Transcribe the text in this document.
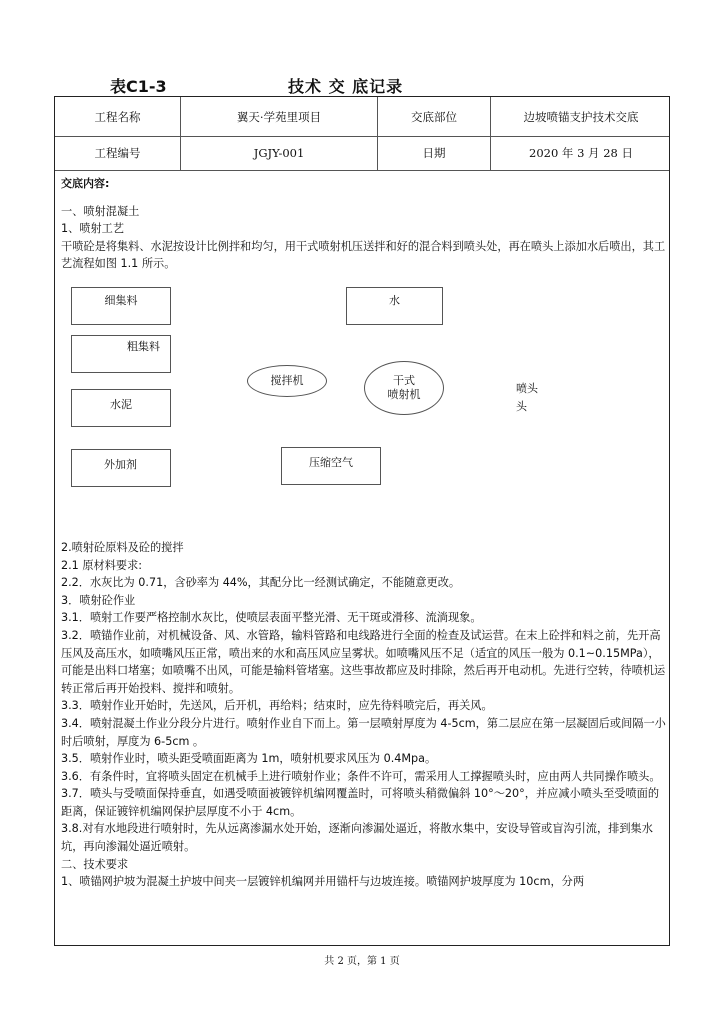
表C1-3	技术 交 底记录
工程名称	翼天·学苑里项目	交底部位	边坡喷锚支护技术交底
工程编号	JGJY-001	日期	2020 年 3 月 28 日

交底内容:

一、喷射混凝土

1、喷射工艺

干喷砼是将集料、水泥按设计比例拌和均匀，用干式喷射机压送拌和好的混合料到喷头处，再在喷头上添加水后喷出，其工艺流程如图 1.1 所示。

细集料
粗集料
水泥
外加剂
水
搅拌机	干式
喷射机
压缩空气
喷头
头

2.喷射砼原料及砼的搅拌

2.1 原材料要求:

2.2．水灰比为 0.71，含砂率为 44%，其配分比一经测试确定，不能随意更改。

3．喷射砼作业

3.1．喷射工作要严格控制水灰比，使喷层表面平整光滑、无干斑或滑移、流淌现象。

3.2．喷锚作业前，对机械设备、风、水管路，输料管路和电线路进行全面的检查及试运营。在末上砼拌和料之前，先开高压风及高压水，如喷嘴风压正常，喷出来的水和高压风应呈雾状。如喷嘴风压不足（适宜的风压一般为 0.1~0.15MPa），可能是出料口堵塞；如喷嘴不出风，可能是输料管堵塞。这些事故都应及时排除，然后再开电动机。先进行空转，待喷机运转正常后再开始投料、搅拌和喷射。

3.3．喷射作业开始时，先送风，后开机，再给料；结束时，应先待料喷完后，再关风。

3.4．喷射混凝土作业分段分片进行。喷射作业自下而上。第一层喷射厚度为 4-5cm，第二层应在第一层凝固后或间隔一小时后喷射，厚度为 6-5cm 。

3.5．喷射作业时，喷头距受喷面距离为 1m，喷射机要求风压为 0.4Mpa。

3.6．有条件时，宜将喷头固定在机械手上进行喷射作业；条件不许可，需采用人工撑握喷头时，应由两人共同操作喷头。

3.7．喷头与受喷面保持垂直，如遇受喷面被镀锌机编网覆盖时，可将喷头稍微偏斜 10°～20°，并应减小喷头至受喷面的距离，保证镀锌机编网保护层厚度不小于 4cm。

3.8.对有水地段进行喷射时，先从远离渗漏水处开始，逐渐向渗漏处逼近，将散水集中，安设导管或盲沟引流，排到集水坑，再向渗漏处逼近喷射。

二、技术要求

1、喷锚网护坡为混凝土护坡中间夹一层镀锌机编网并用锚杆与边坡连接。喷锚网护坡厚度为 10cm，分两

共 2 页，第 1 页
